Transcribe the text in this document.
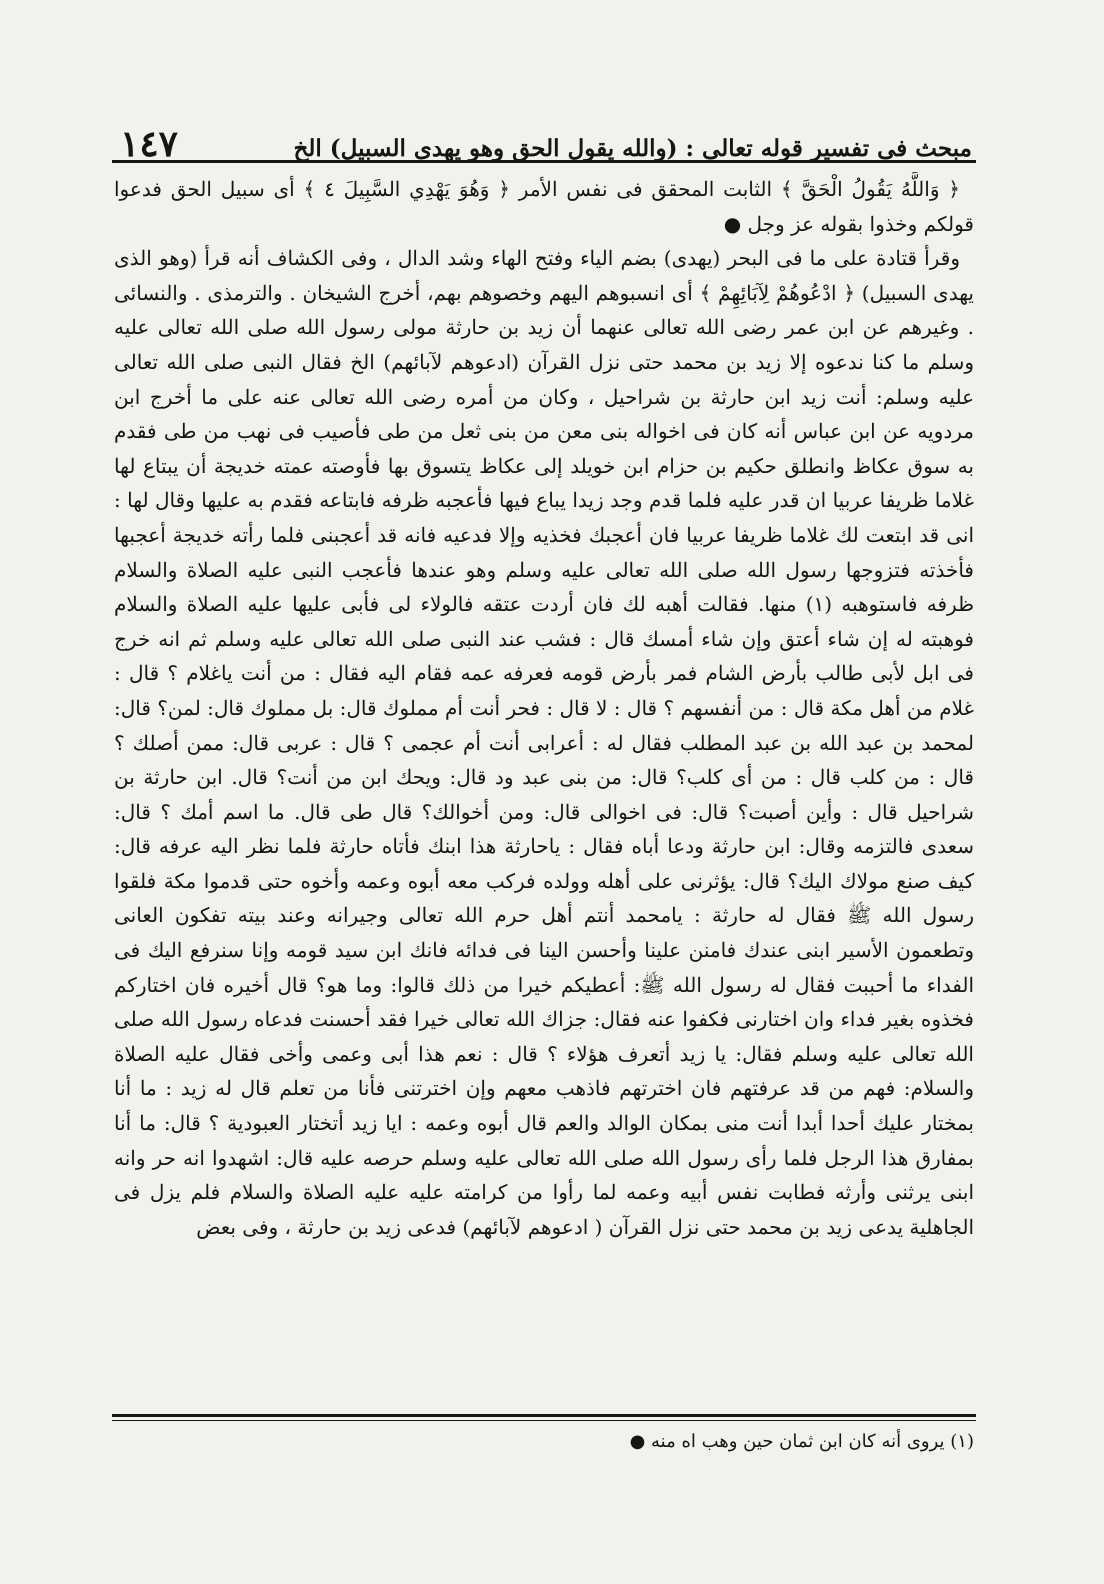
مبحث فى تفسير قوله تعالى : (والله يقول الحق وهو يهدى السبيل) الخ
١٤٧

﴿ وَاللَّهُ يَقُولُ الْحَقَّ ﴾ الثابت المحقق فى نفس الأمر ﴿ وَهُوَ يَهْدِي السَّبِيلَ ٤ ﴾ أى سبيل الحق فدعوا قولكم وخذوا بقوله عز وجل ●

وقرأ قتادة على ما فى البحر (يهدى) بضم الياء وفتح الهاء وشد الدال ، وفى الكشاف أنه قرأ (وهو الذى يهدى السبيل) ﴿ ادْعُوهُمْ لِآبَائِهِمْ ﴾ أى انسبوهم اليهم وخصوهم بهم، أخرج الشيخان . والترمذى . والنسائى . وغيرهم عن ابن عمر رضى الله تعالى عنهما أن زيد بن حارثة مولى رسول الله صلى الله تعالى عليه وسلم ما كنا ندعوه إلا زيد بن محمد حتى نزل القرآن (ادعوهم لآبائهم) الخ فقال النبى صلى الله تعالى عليه وسلم: أنت زيد ابن حارثة بن شراحيل ، وكان من أمره رضى الله تعالى عنه على ما أخرج ابن مردويه عن ابن عباس أنه كان فى اخواله بنى معن من بنى ثعل من طى فأصيب فى نهب من طى فقدم به سوق عكاظ وانطلق حكيم بن حزام ابن خويلد إلى عكاظ يتسوق بها فأوصته عمته خديجة أن يبتاع لها غلاما ظريفا عربيا ان قدر عليه فلما قدم وجد زيدا يباع فيها فأعجبه ظرفه فابتاعه فقدم به عليها وقال لها : انى قد ابتعت لك غلاما ظريفا عربيا فان أعجبك فخذيه وإلا فدعيه فانه قد أعجبنى فلما رأته خديجة أعجبها فأخذته فتزوجها رسول الله صلى الله تعالى عليه وسلم وهو عندها فأعجب النبى عليه الصلاة والسلام ظرفه فاستوهبه (١) منها. فقالت أهبه لك فان أردت عتقه فالولاء لى فأبى عليها عليه الصلاة والسلام فوهبته له إن شاء أعتق وإن شاء أمسك قال : فشب عند النبى صلى الله تعالى عليه وسلم ثم انه خرج فى ابل لأبى طالب بأرض الشام فمر بأرض قومه فعرفه عمه فقام اليه فقال : من أنت ياغلام ؟ قال : غلام من أهل مكة قال : من أنفسهم ؟ قال : لا قال : فحر أنت أم مملوك قال: بل مملوك قال: لمن؟ قال: لمحمد بن عبد الله بن عبد المطلب فقال له : أعرابى أنت أم عجمى ؟ قال : عربى قال: ممن أصلك ؟ قال : من كلب قال : من أى كلب؟ قال: من بنى عبد ود قال: ويحك ابن من أنت؟ قال. ابن حارثة بن شراحيل قال : وأين أصبت؟ قال: فى اخوالى قال: ومن أخوالك؟ قال طى قال. ما اسم أمك ؟ قال: سعدى فالتزمه وقال: ابن حارثة ودعا أباه فقال : ياحارثة هذا ابنك فأتاه حارثة فلما نظر اليه عرفه قال: كيف صنع مولاك اليك؟ قال: يؤثرنى على أهله وولده فركب معه أبوه وعمه وأخوه حتى قدموا مكة فلقوا رسول الله ﷺ فقال له حارثة : يامحمد أنتم أهل حرم الله تعالى وجيرانه وعند بيته تفكون العانى وتطعمون الأسير ابنى عندك فامنن علينا وأحسن الينا فى فدائه فانك ابن سيد قومه وإنا سنرفع اليك فى الفداء ما أحببت فقال له رسول الله ﷺ: أعطيكم خيرا من ذلك قالوا: وما هو؟ قال أخيره فان اختاركم فخذوه بغير فداء وان اختارنى فكفوا عنه فقال: جزاك الله تعالى خيرا فقد أحسنت فدعاه رسول الله صلى الله تعالى عليه وسلم فقال: يا زيد أتعرف هؤلاء ؟ قال : نعم هذا أبى وعمى وأخى فقال عليه الصلاة والسلام: فهم من قد عرفتهم فان اخترتهم فاذهب معهم وإن اخترتنى فأنا من تعلم قال له زيد : ما أنا بمختار عليك أحدا أبدا أنت منى بمكان الوالد والعم قال أبوه وعمه : ايا زيد أتختار العبودية ؟ قال: ما أنا بمفارق هذا الرجل فلما رأى رسول الله صلى الله تعالى عليه وسلم حرصه عليه قال: اشهدوا انه حر وانه ابنى يرثنى وأرثه فطابت نفس أبيه وعمه لما رأوا من كرامته عليه عليه الصلاة والسلام فلم يزل فى الجاهلية يدعى زيد بن محمد حتى نزل القرآن ( ادعوهم لآبائهم) فدعى زيد بن حارثة ، وفى بعض

(١) يروى أنه كان ابن ثمان حين وهب اه منه ●
